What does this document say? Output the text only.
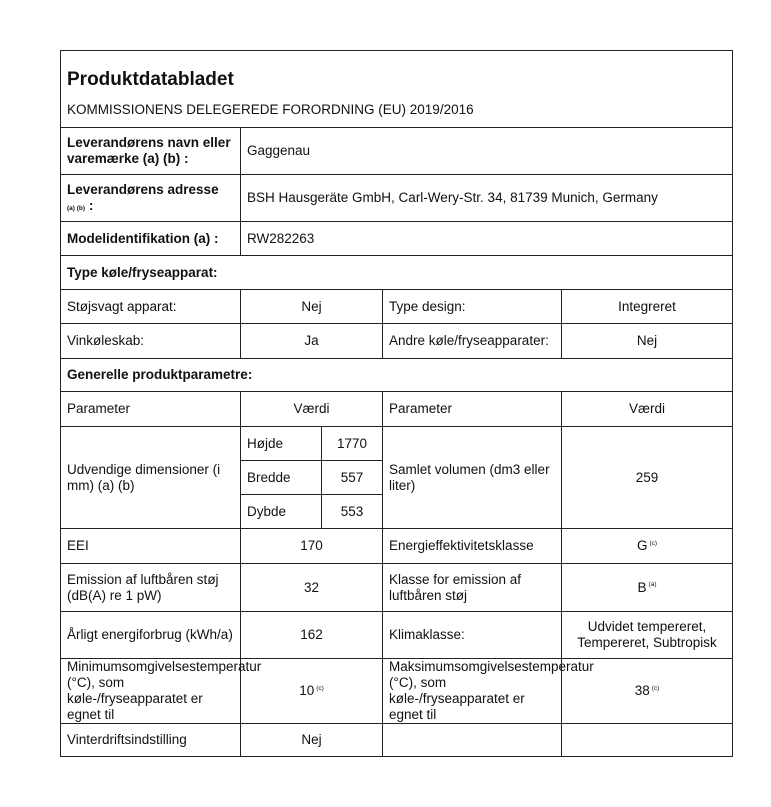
Produktdatabladet				
KOMMISSIONENS DELEGEREDE FORORDNING (EU) 2019/2016				
Leverandørens navn eller varemærke (a) (b) :	Gaggenau			
Leverandørens adresse
(a) (b) :	BSH Hausgeräte GmbH, Carl-Wery-Str. 34, 81739 Munich, Germany			
Modelidentifikation (a) :	RW282263			
Type køle/fryseapparat:				
Støjsvagt apparat:	Nej		Type design:	Integreret
Vinkøleskab:	Ja		Andre køle/fryseapparater:	Nej
Generelle produktparametre:				
Parameter	Værdi		Parameter	Værdi
Udvendige dimensioner (i mm) (a) (b)	Højde	1770	Samlet volumen (dm3 eller liter)	259
	Bredde	557		
	Dybde	553		
EEI	170		Energieffektivitetsklasse	G $^{(c)}$
Emission af luftbåren støj (dB(A) re 1 pW)	32		Klasse for emission af luftbåren støj	B $^{(a)}$
Årligt energiforbrug (kWh/a)	162		Klimaklasse:	Udvidet tempereret, Tempereret, Subtropisk
Minimumsomgivelsestemperatur (°C), som køle-/fryseapparatet er egnet til	10 $^{(c)}$		Maksimumsomgivelsestemperatur (°C), som køle-/fryseapparatet er egnet til	38 $^{(c)}$
Vinterdriftsindstilling	Nej			
